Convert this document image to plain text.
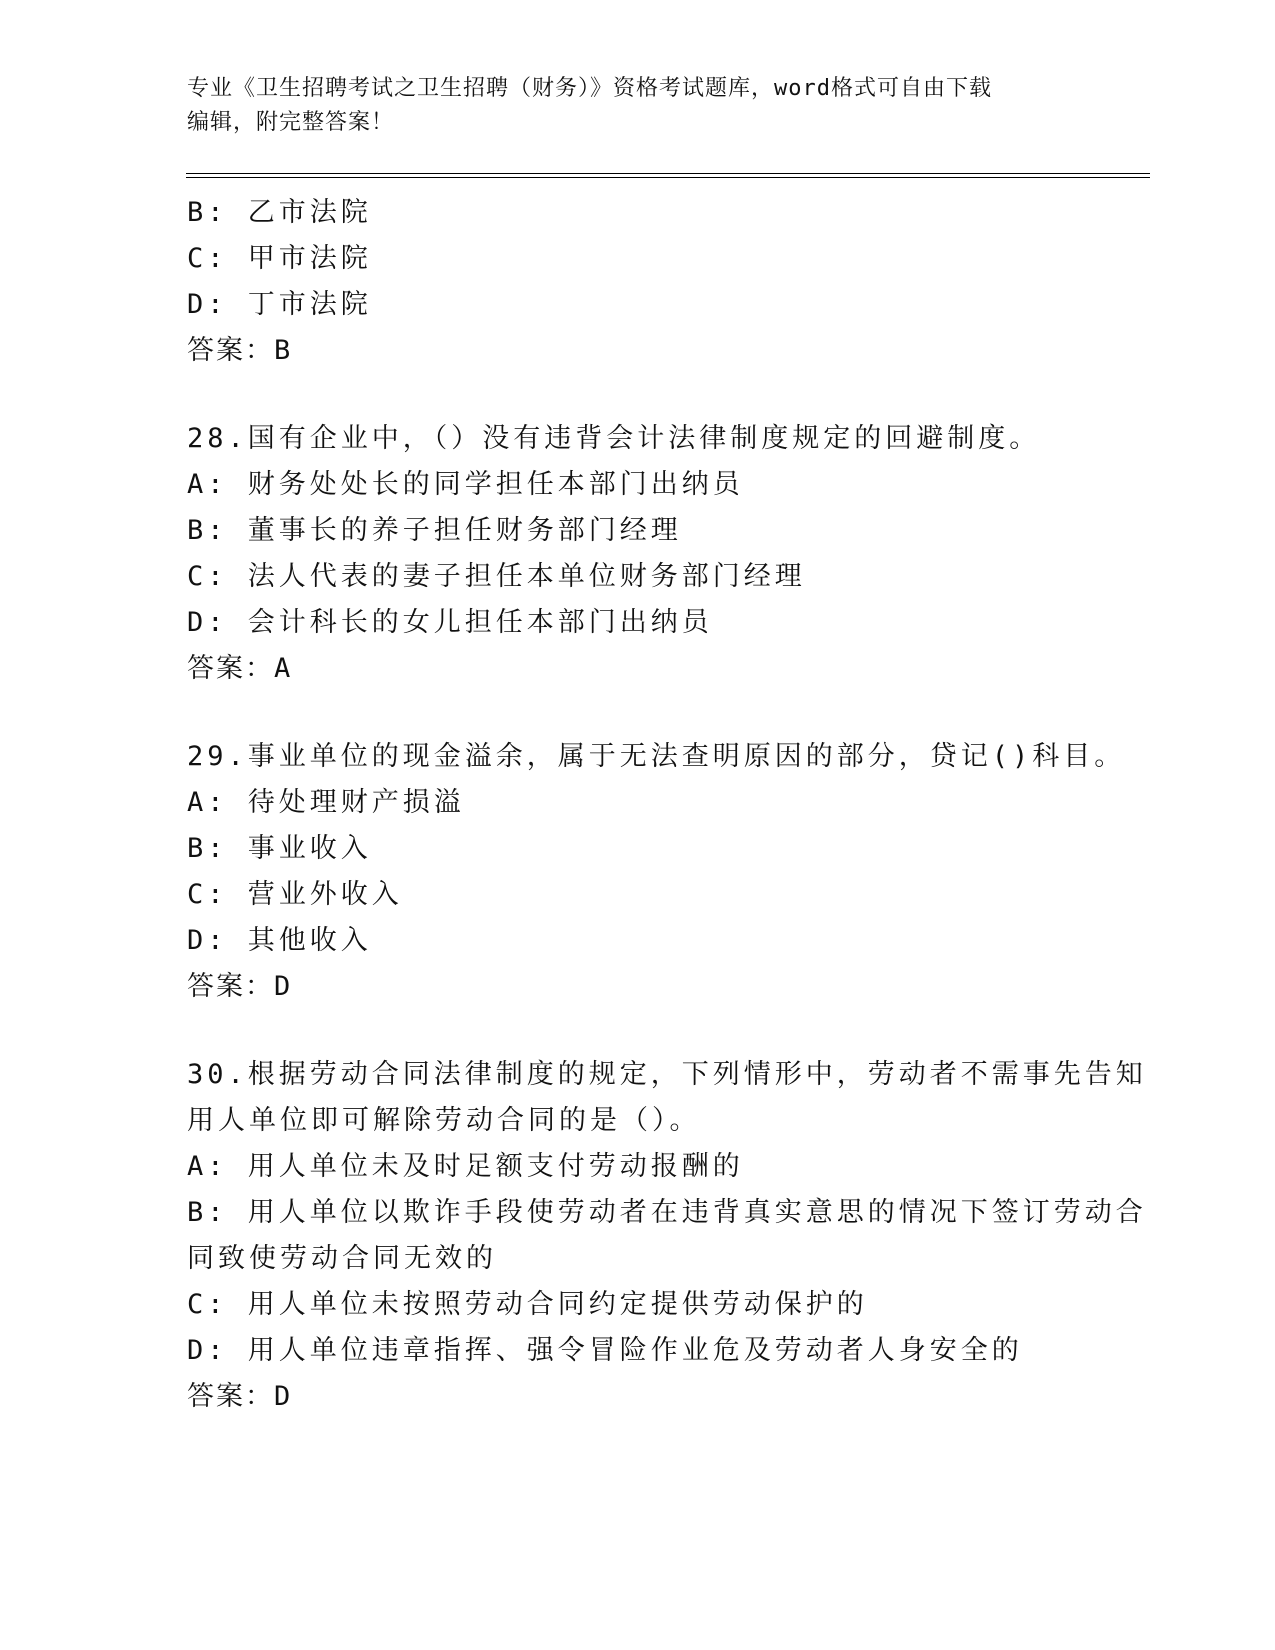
专业《卫生招聘考试之卫生招聘（财务）》资格考试题库，word格式可自由下载
编辑，附完整答案！

B: 乙市法院

C: 甲市法院

D: 丁市法院

答案：B

28.国有企业中，（）没有违背会计法律制度规定的回避制度。

A: 财务处处长的同学担任本部门出纳员

B: 董事长的养子担任财务部门经理

C: 法人代表的妻子担任本单位财务部门经理

D: 会计科长的女儿担任本部门出纳员

答案：A

29.事业单位的现金溢余，属于无法查明原因的部分，贷记()科目。

A: 待处理财产损溢

B: 事业收入

C: 营业外收入

D: 其他收入

答案：D

30.根据劳动合同法律制度的规定，下列情形中，劳动者不需事先告知

用人单位即可解除劳动合同的是（）。

A: 用人单位未及时足额支付劳动报酬的

B: 用人单位以欺诈手段使劳动者在违背真实意思的情况下签订劳动合

同致使劳动合同无效的

C: 用人单位未按照劳动合同约定提供劳动保护的

D: 用人单位违章指挥、强令冒险作业危及劳动者人身安全的

答案：D
